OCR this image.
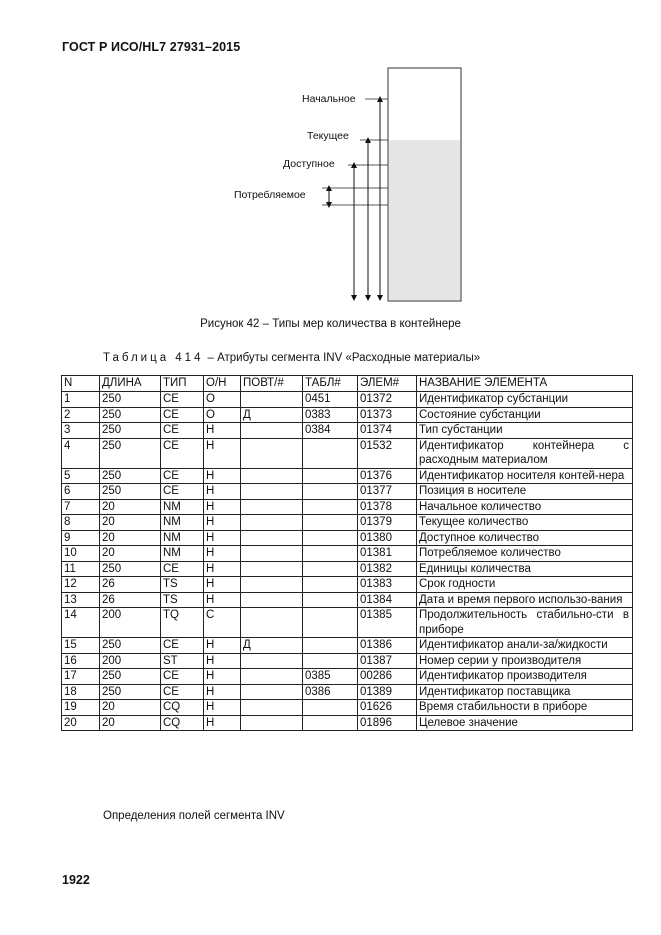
ГОСТ Р ИСО/HL7 27931–2015
Начальное
Текущее
Доступное
Потребляемое
Рисунок 42 – Типы мер количества в контейнере
Таблица 414 – Атрибуты сегмента INV «Расходные материалы»
N	ДЛИНА	ТИП	О/Н	ПОВТ/#	ТАБЛ#	ЭЛЕМ#	НАЗВАНИЕ ЭЛЕМЕНТА
1	250	CE	O		0451	01372	Идентификатор субстанции
2	250	CE	O	Д	0383	01373	Состояние субстанции
3	250	CE	Н		0384	01374	Тип субстанции
4	250	CE	Н			01532	Идентификатор контейнера с расходным материалом
5	250	CE	Н			01376	Идентификатор носителя контей-нера
6	250	CE	Н			01377	Позиция в носителе
7	20	NM	Н			01378	Начальное количество
8	20	NM	Н			01379	Текущее количество
9	20	NM	Н			01380	Доступное количество
10	20	NM	Н			01381	Потребляемое количество
11	250	CE	Н			01382	Единицы количества
12	26	TS	Н			01383	Срок годности
13	26	TS	Н			01384	Дата и время первого использо-вания
14	200	TQ	С			01385	Продолжительность стабильно-сти в приборе
15	250	CE	Н	Д		01386	Идентификатор анали-за/жидкости
16	200	ST	Н			01387	Номер серии у производителя
17	250	CE	Н		0385	00286	Идентификатор производителя
18	250	CE	Н		0386	01389	Идентификатор поставщика
19	20	CQ	Н			01626	Время стабильности в приборе
20	20	CQ	Н			01896	Целевое значение
Определения полей сегмента INV
1922
